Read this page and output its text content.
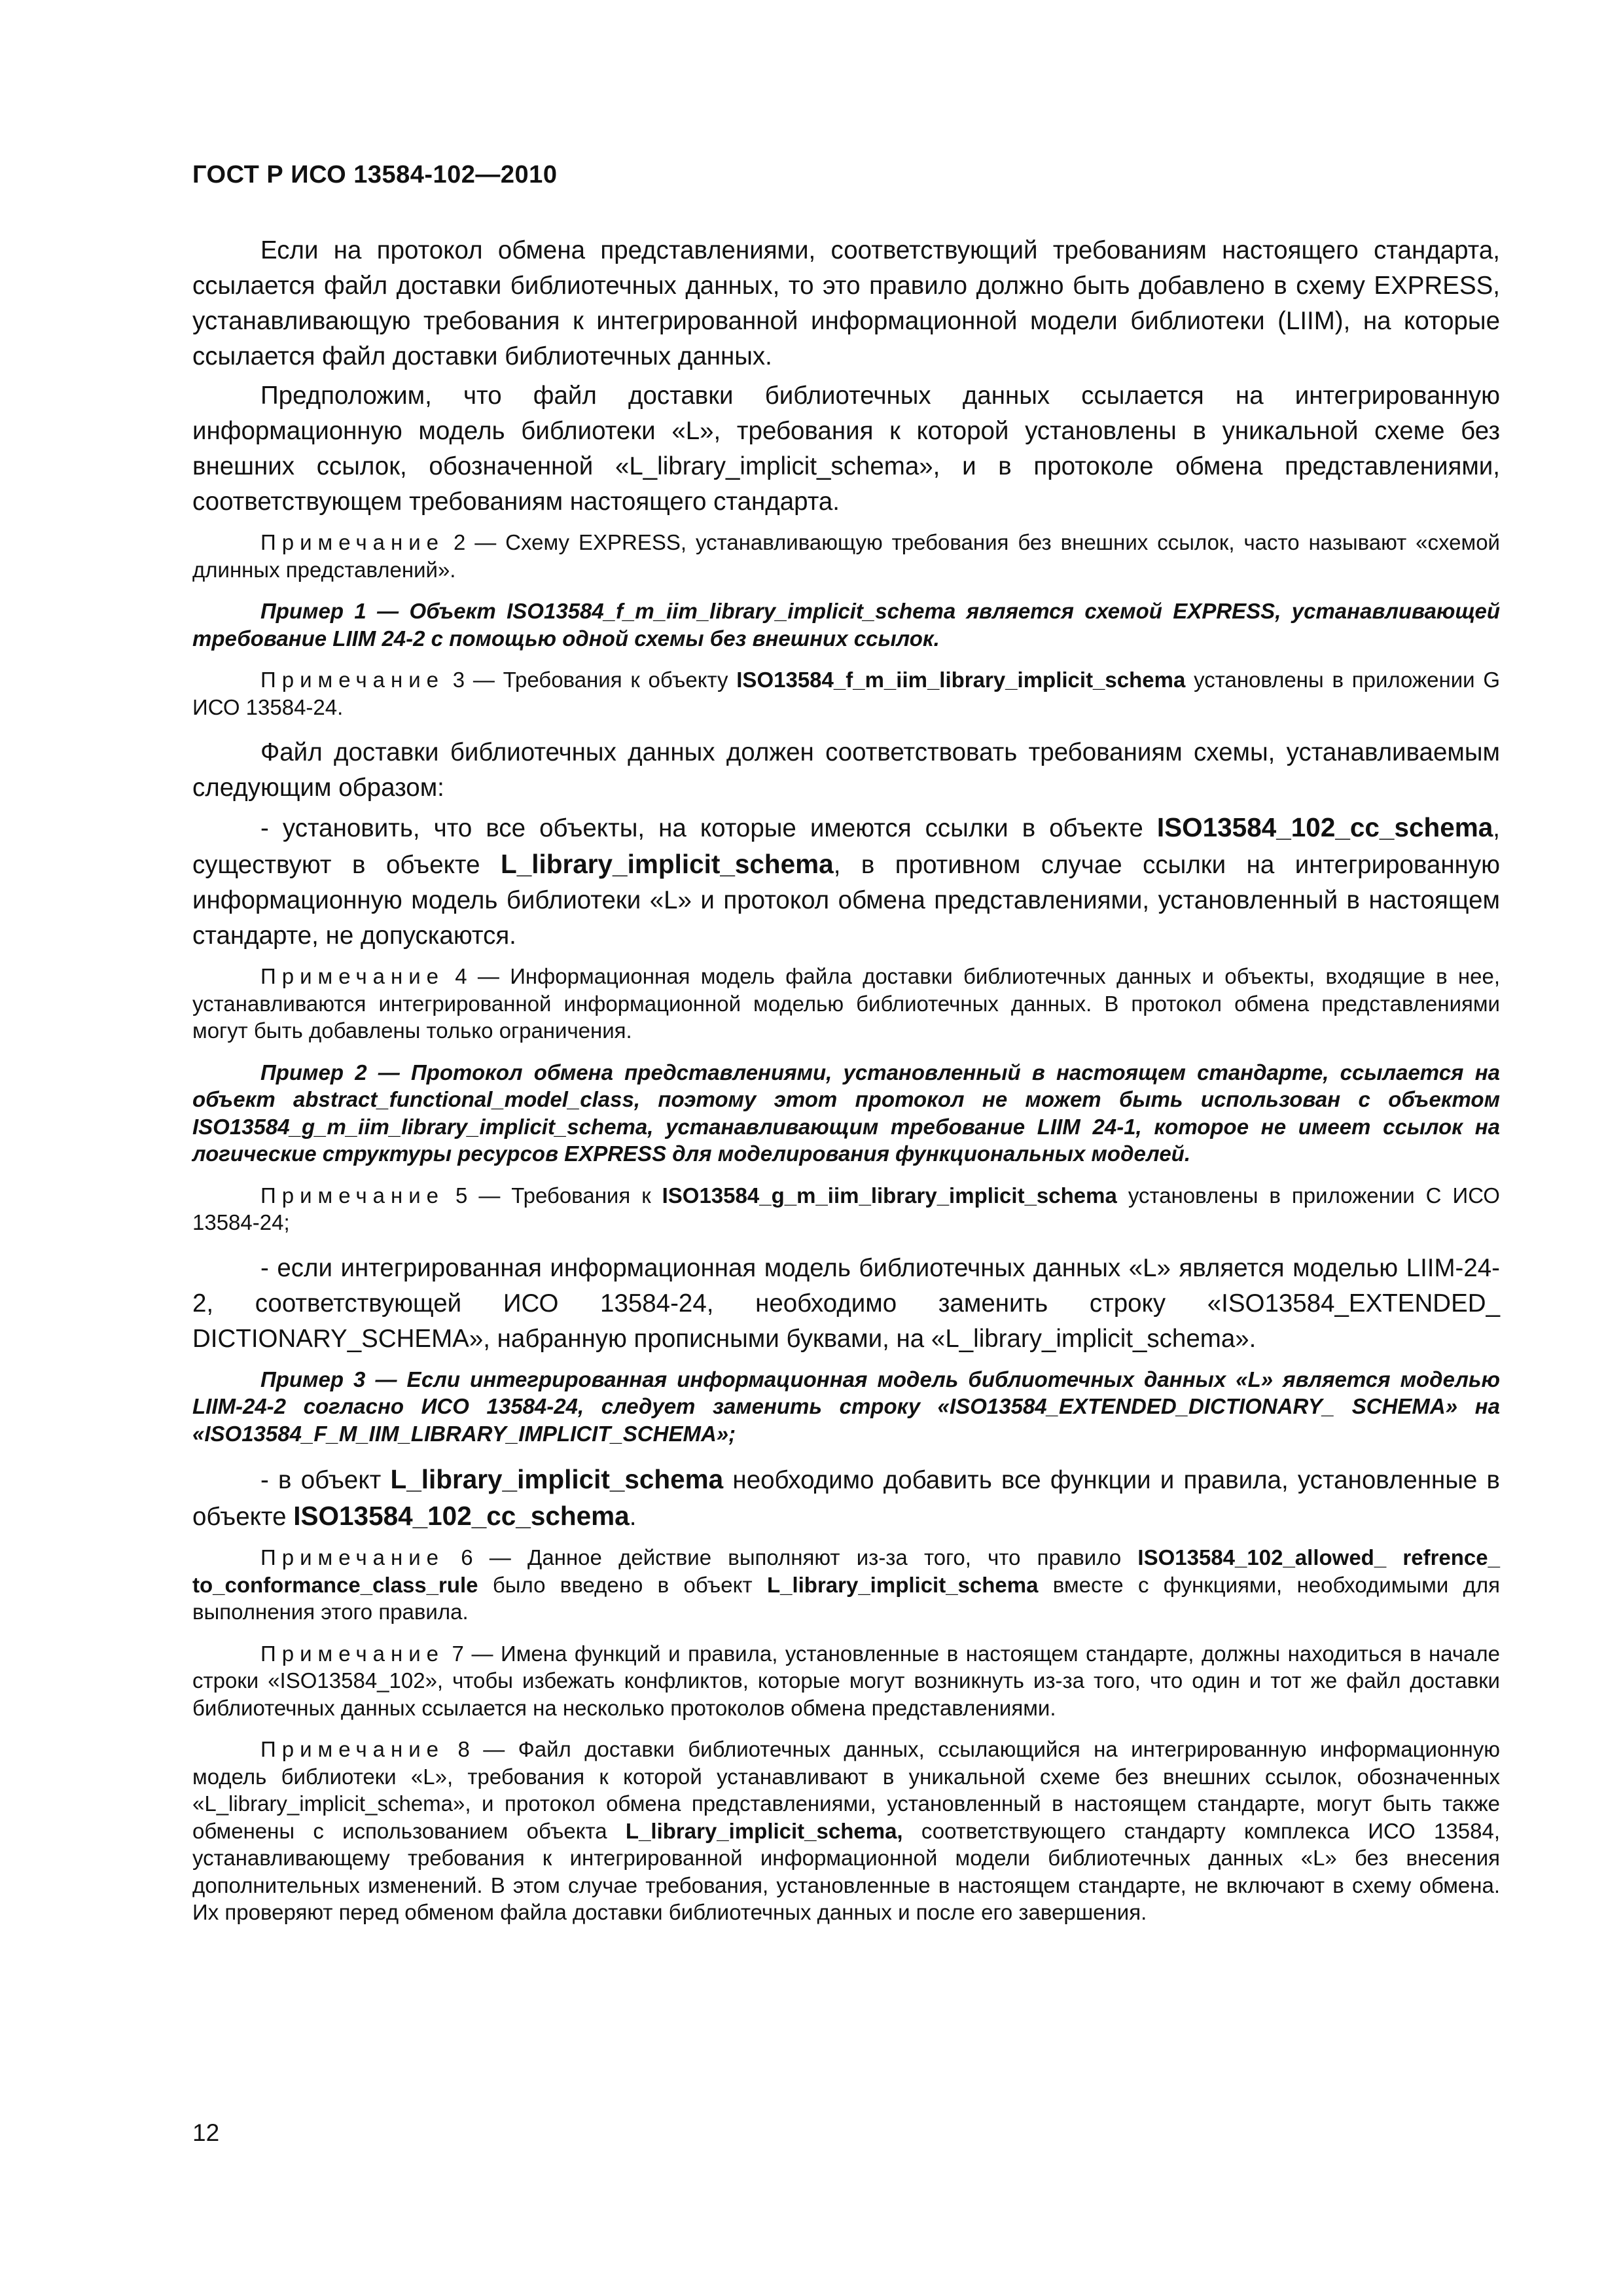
ГОСТ Р ИСО 13584-102—2010

Если на протокол обмена представлениями, соответствующий требованиям настоящего стандарта, ссылается файл доставки библиотечных данных, то это правило должно быть добавлено в схему EXPRESS, устанавливающую требования к интегрированной информационной модели библиотеки (LIIM), на которые ссылается файл доставки библиотечных данных.

Предположим, что файл доставки библиотечных данных ссылается на интегрированную информационную модель библиотеки «L», требования к которой установлены в уникальной схеме без внешних ссылок, обозначенной «L_library_implicit_schema», и в протоколе обмена представлениями, соответствующем требованиям настоящего стандарта.

Примечание 2 — Схему EXPRESS, устанавливающую требования без внешних ссылок, часто называют «схемой длинных представлений».

Пример 1 — Объект ISO13584_f_m_iim_library_implicit_schema является схемой EXPRESS, устанавливающей требование LIIM 24-2 с помощью одной схемы без внешних ссылок.

Примечание 3 — Требования к объекту ISO13584_f_m_iim_library_implicit_schema установлены в приложении G ИСО 13584-24.

Файл доставки библиотечных данных должен соответствовать требованиям схемы, устанавливаемым следующим образом:

- установить, что все объекты, на которые имеются ссылки в объекте ISO13584_102_cc_schema, существуют в объекте L_library_implicit_schema, в противном случае ссылки на интегрированную информационную модель библиотеки «L» и протокол обмена представлениями, установленный в настоящем стандарте, не допускаются.

Примечание 4 — Информационная модель файла доставки библиотечных данных и объекты, входящие в нее, устанавливаются интегрированной информационной моделью библиотечных данных. В протокол обмена представлениями могут быть добавлены только ограничения.

Пример 2 — Протокол обмена представлениями, установленный в настоящем стандарте, ссылается на объект abstract_functional_model_class, поэтому этот протокол не может быть использован с объектом ISO13584_g_m_iim_library_implicit_schema, устанавливающим требование LIIM 24-1, которое не имеет ссылок на логические структуры ресурсов EXPRESS для моделирования функциональных моделей.

Примечание 5 — Требования к ISO13584_g_m_iim_library_implicit_schema установлены в приложении C ИСО 13584-24;

- если интегрированная информационная модель библиотечных данных «L» является моделью LIIM-24-2, соответствующей ИСО 13584-24, необходимо заменить строку «ISO13584_EXTENDED_ DICTIONARY_SCHEMA», набранную прописными буквами, на «L_library_implicit_schema».

Пример 3 — Если интегрированная информационная модель библиотечных данных «L» является моделью LIIM-24-2 согласно ИСО 13584-24, следует заменить строку «ISO13584_EXTENDED_DICTIONARY_ SCHEMA» на «ISO13584_F_M_IIM_LIBRARY_IMPLICIT_SCHEMA»;

- в объект L_library_implicit_schema необходимо добавить все функции и правила, установленные в объекте ISO13584_102_cc_schema.

Примечание 6 — Данное действие выполняют из-за того, что правило ISO13584_102_allowed_ refrence_ to_conformance_class_rule было введено в объект L_library_implicit_schema вместе с функциями, необходимыми для выполнения этого правила.

Примечание 7 — Имена функций и правила, установленные в настоящем стандарте, должны находиться в начале строки «ISO13584_102», чтобы избежать конфликтов, которые могут возникнуть из-за того, что один и тот же файл доставки библиотечных данных ссылается на несколько протоколов обмена представлениями.

Примечание 8 — Файл доставки библиотечных данных, ссылающийся на интегрированную информационную модель библиотеки «L», требования к которой устанавливают в уникальной схеме без внешних ссылок, обозначенных «L_library_implicit_schema», и протокол обмена представлениями, установленный в настоящем стандарте, могут быть также обменены с использованием объекта L_library_implicit_schema, соответствующего стандарту комплекса ИСО 13584, устанавливающему требования к интегрированной информационной модели библиотечных данных «L» без внесения дополнительных изменений. В этом случае требования, установленные в настоящем стандарте, не включают в схему обмена. Их проверяют перед обменом файла доставки библиотечных данных и после его завершения.

12
